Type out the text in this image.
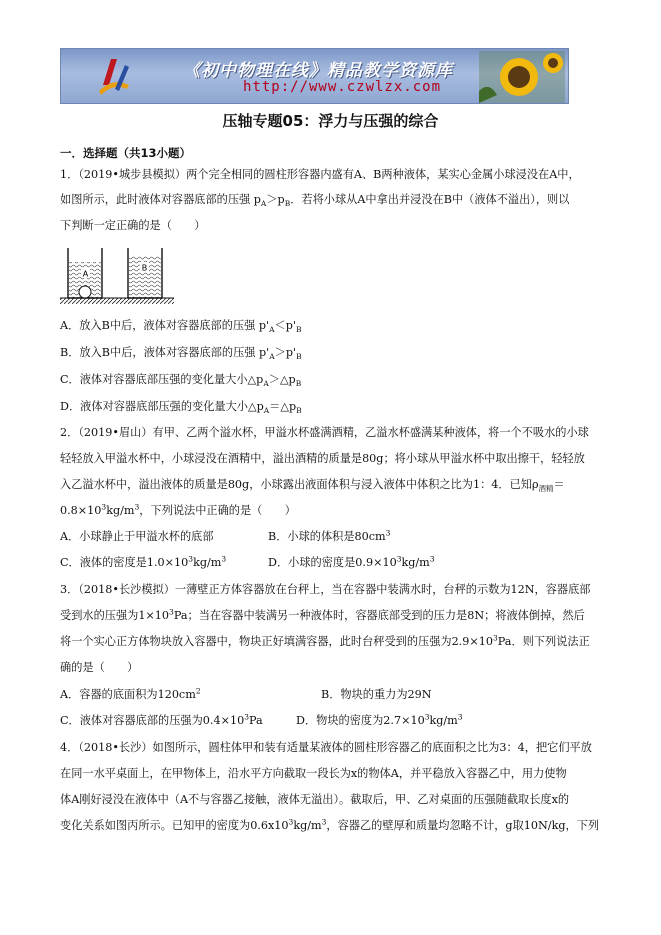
《初中物理在线》精品教学资源库
http://www.czwlzx.com
压轴专题05：浮力与压强的综合
一．选择题（共13小题）
1．（2019•城步县模拟）两个完全相同的圆柱形容器内盛有A、B两种液体，某实心金属小球浸没在A中，
如图所示，此时液体对容器底部的压强 $p_A>p_B$．若将小球从A中拿出并浸没在B中（液体不溢出），则以
下判断一定正确的是（　　）
A
B
A．放入B中后，液体对容器底部的压强 $p'_A<p'_B$
B．放入B中后，液体对容器底部的压强 $p'_A>p'_B$
C．液体对容器底部压强的变化量大小$\triangle p_A>\triangle p_B$
D．液体对容器底部压强的变化量大小$\triangle p_A=\triangle p_B$
2．（2019•眉山）有甲、乙两个溢水杯，甲溢水杯盛满酒精，乙溢水杯盛满某种液体，将一个不吸水的小球
轻轻放入甲溢水杯中，小球浸没在酒精中，溢出酒精的质量是80g；将小球从甲溢水杯中取出擦干，轻轻放
入乙溢水杯中，溢出液体的质量是80g，小球露出液面体积与浸入液体中体积之比为1：4．已知$\rho_{酒精}=$
$0.8\times 10^3kg/m^3$，下列说法中正确的是（　　）
A．小球静止于甲溢水杯的底部	B．小球的体积是$80cm^3$
C．液体的密度是$1.0\times 10^3kg/m^3$	D．小球的密度是$0.9\times 10^3kg/m^3$
3．（2018•长沙模拟）一薄壁正方体容器放在台秤上，当在容器中装满水时，台秤的示数为12N，容器底部
受到水的压强为$1\times 10^3Pa$；当在容器中装满另一种液体时，容器底部受到的压力是8N；将液体倒掉，然后
将一个实心正方体物块放入容器中，物块正好填满容器，此时台秤受到的压强为$2.9\times 10^3Pa$．则下列说法正
确的是（　　）
A．容器的底面积为$120cm^2$	B．物块的重力为29N
C．液体对容器底部的压强为$0.4\times 10^3Pa$	D．物块的密度为$2.7\times 10^3kg/m^3$
4．（2018•长沙）如图所示，圆柱体甲和装有适量某液体的圆柱形容器乙的底面积之比为3：4，把它们平放
在同一水平桌面上，在甲物体上，沿水平方向截取一段长为x的物体A，并平稳放入容器乙中，用力使物
体A刚好浸没在液体中（A不与容器乙接触，液体无溢出）。截取后，甲、乙对桌面的压强随截取长度x的
变化关系如图丙所示。已知甲的密度为$0.6x10^3kg/m^3$，容器乙的壁厚和质量均忽略不计，g取10N/kg，下列
